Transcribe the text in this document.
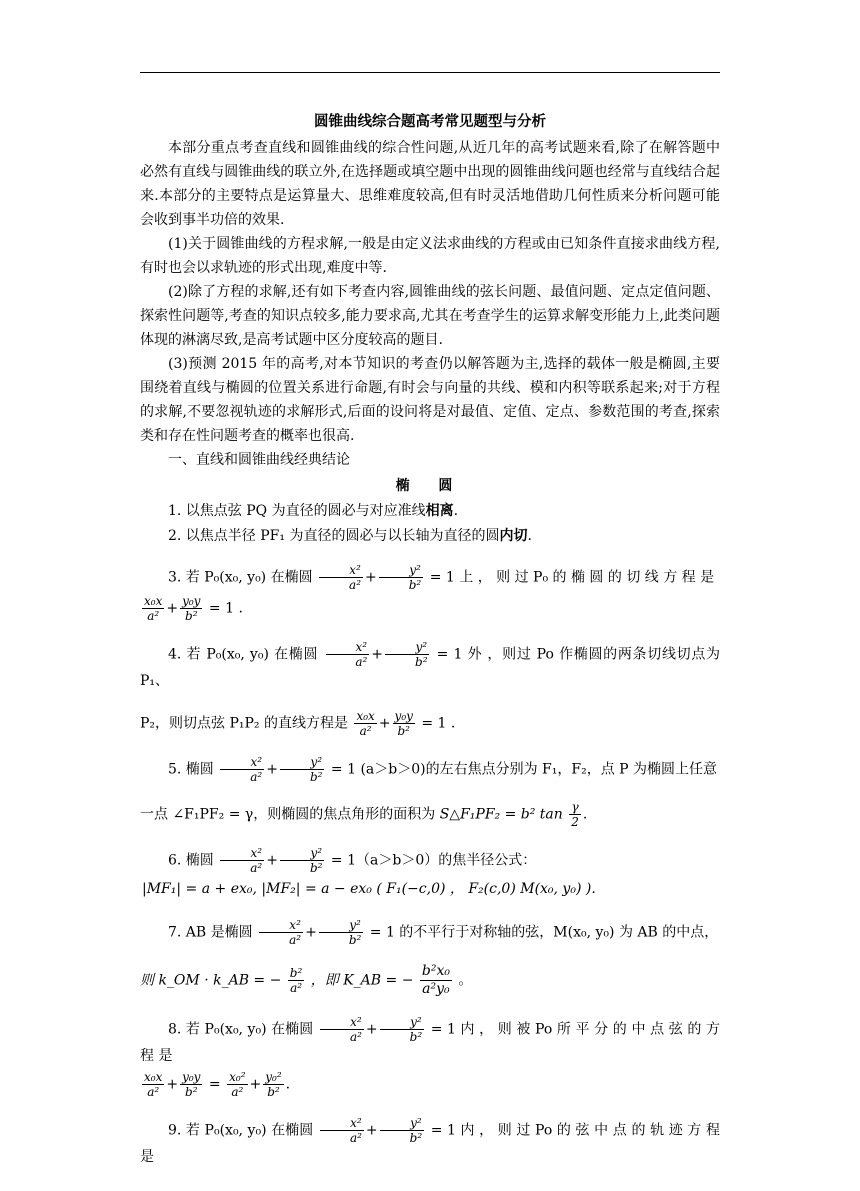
圆锥曲线综合题高考常见题型与分析

本部分重点考查直线和圆锥曲线的综合性问题,从近几年的高考试题来看,除了在解答题中必然有直线与圆锥曲线的联立外,在选择题或填空题中出现的圆锥曲线问题也经常与直线结合起来.本部分的主要特点是运算量大、思维难度较高,但有时灵活地借助几何性质来分析问题可能会收到事半功倍的效果.

(1)关于圆锥曲线的方程求解,一般是由定义法求曲线的方程或由已知条件直接求曲线方程,有时也会以求轨迹的形式出现,难度中等.

(2)除了方程的求解,还有如下考查内容,圆锥曲线的弦长问题、最值问题、定点定值问题、探索性问题等,考查的知识点较多,能力要求高,尤其在考查学生的运算求解变形能力上,此类问题体现的淋漓尽致,是高考试题中区分度较高的题目.

(3)预测 2015 年的高考,对本节知识的考查仍以解答题为主,选择的载体一般是椭圆,主要围绕着直线与椭圆的位置关系进行命题,有时会与向量的共线、模和内积等联系起来;对于方程的求解,不要忽视轨迹的求解形式,后面的设问将是对最值、定值、定点、参数范围的考查,探索类和存在性问题考查的概率也很高.

一、直线和圆锥曲线经典结论

椭 圆

1. 以焦点弦 PQ 为直径的圆必与对应准线相离.

2. 以焦点半径 PF₁ 为直径的圆必与以长轴为直径的圆内切.

3. 若 P₀(x₀, y₀) 在椭圆 $\frac{\text{x²}}{\text{a²}} + \frac{\text{y²}}{\text{b²}} = 1$ 上 ， 则 过 P₀ 的 椭 圆 的 切 线 方 程 是

$\frac{\text{x₀x}}{\text{a²}} + \frac{\text{y₀y}}{\text{b²}} = 1$ .

4. 若 P₀(x₀, y₀) 在椭圆 $\frac{\text{x²}}{\text{a²}} + \frac{\text{y²}}{\text{b²}} = 1$ 外 ，则过 Po 作椭圆的两条切线切点为 P₁、

P₂，则切点弦 P₁P₂ 的直线方程是 $\frac{\text{x₀x}}{\text{a²}} + \frac{\text{y₀y}}{\text{b²}} = 1$ .

5. 椭圆 $\frac{\text{x²}}{\text{a²}} + \frac{\text{y²}}{\text{b²}} = 1$ (a＞b＞0)的左右焦点分别为 F₁，F₂，点 P 为椭圆上任意

一点 ∠F₁PF₂ = γ，则椭圆的焦点角形的面积为 S△F₁PF₂ = b² $\tan \frac{\gamma}{2}$ .

6. 椭圆 $\frac{\text{x²}}{\text{a²}} + \frac{\text{y²}}{\text{b²}} = 1(a>b>0)$的焦半径公式：

|MF₁| = a + ex₀, |MF₂| = a − ex₀ ( F₁(−c,0) ， F₂(c,0) M(x₀, y₀) ).

7. AB 是椭圆 $\frac{\text{x²}}{\text{a²}} + \frac{\text{y²}}{\text{b²}} = 1$ 的不平行于对称轴的弦，M(x₀, y₀) 为 AB 的中点，

则 k_OM · k_AB = − $\frac{\text{b²}}{\text{a²}}$ ，即 K_AB = − $\frac{\text{b²x₀}}{\text{a²y₀}}$ 。

8. 若 P₀(x₀, y₀) 在椭圆 $\frac{\text{x²}}{\text{a²}} + \frac{\text{y²}}{\text{b²}} = 1$ 内 ， 则 被 Po 所 平 分 的 中 点 弦 的 方 程 是

$\frac{\text{x₀x}}{\text{a²}} + \frac{\text{y₀y}}{\text{b²}} = \frac{\text{x₀²}}{\text{a²}} + \frac{\text{y₀²}}{\text{b²}}$ .

9. 若 P₀(x₀, y₀) 在椭圆 $\frac{\text{x²}}{\text{a²}} + \frac{\text{y²}}{\text{b²}} = 1$ 内 ， 则 过 Po 的 弦 中 点 的 轨 迹 方 程 是
